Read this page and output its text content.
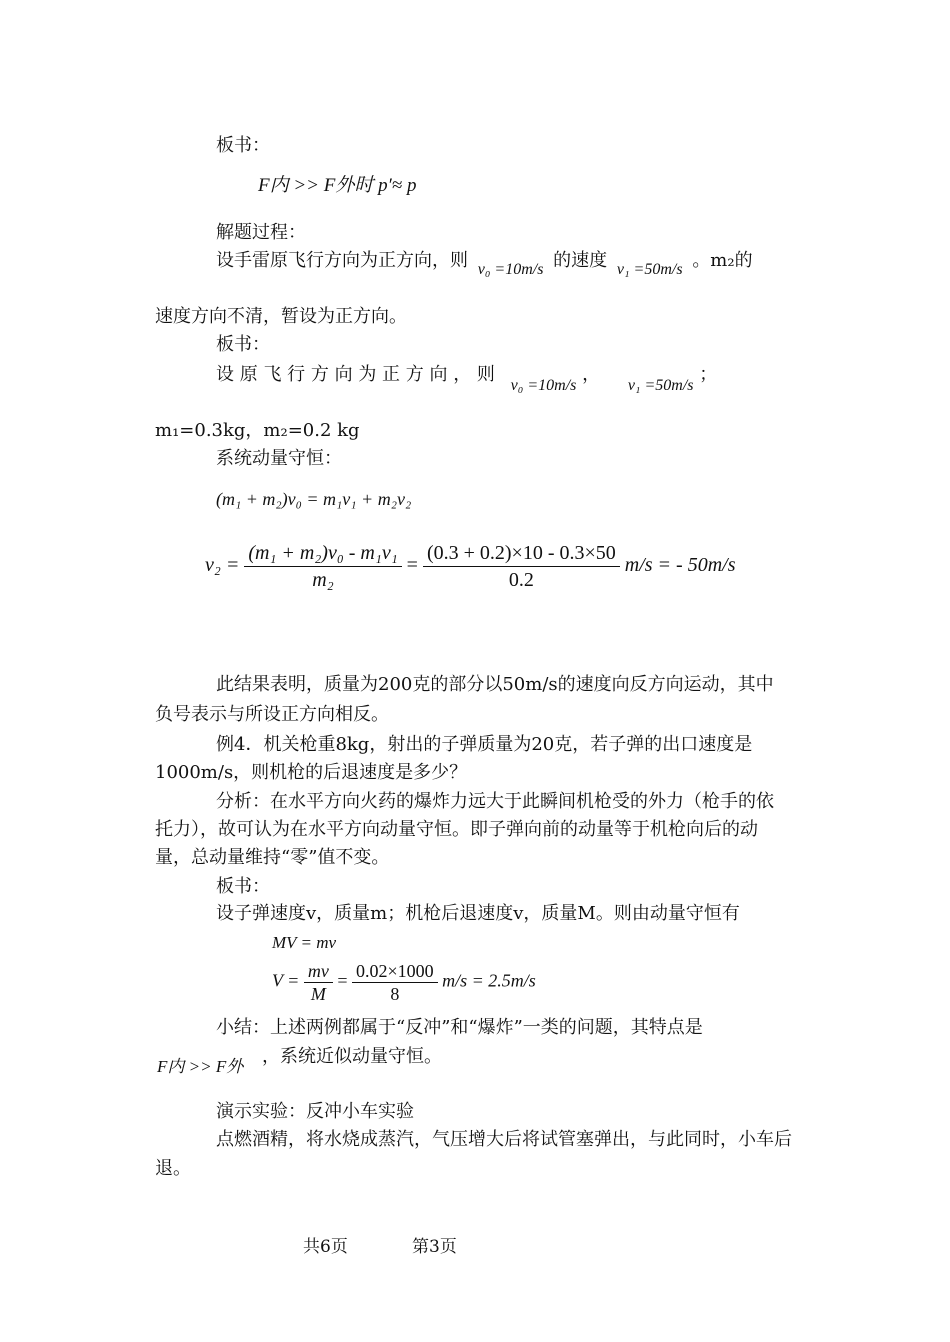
板书：
F内 >> F外时 p′≈ p
解题过程：
设手雷原飞行方向为正方向，则 v₀ =10m/s 的速度 v₁ =50m/s 。m₂的
速度方向不清，暂设为正方向。
板书：
设 原 飞 行 方 向 为 正 方 向 ， 则 v₀ =10m/s ， v₁ =50m/s ；
m₁=0.3kg，m₂=0.2 kg
系统动量守恒：
(m₁ + m₂)v₀ = m₁v₁ + m₂v₂
$v_2 = \frac{\text{(m₁ + m₂)v₀ - m₁v₁}}{\text{m₂}} = \frac{(0.3 + 0.2)\times 10 - 0.3\times 50}{0.2} m/s$ = - 50m/s
此结果表明，质量为200克的部分以50m/s的速度向反方向运动，其中
负号表示与所设正方向相反。
例4．机关枪重8kg，射出的子弹质量为20克，若子弹的出口速度是
1000m/s，则机枪的后退速度是多少？
分析：在水平方向火药的爆炸力远大于此瞬间机枪受的外力（枪手的依
托力），故可认为在水平方向动量守恒。即子弹向前的动量等于机枪向后的动
量，总动量维持“零”值不变。
板书：
设子弹速度v，质量m；机枪后退速度v，质量M。则由动量守恒有
MV = mv
$V = \frac{mv}{M} = \frac{0.02\times 1000}{8} m/s = 2.5m/s$
小结：上述两例都属于“反冲”和“爆炸”一类的问题，其特点是
F内 >> F外 ，系统近似动量守恒。
演示实验：反冲小车实验
点燃酒精，将水烧成蒸汽，气压增大后将试管塞弹出，与此同时，小车后
退。
共6页	第3页
